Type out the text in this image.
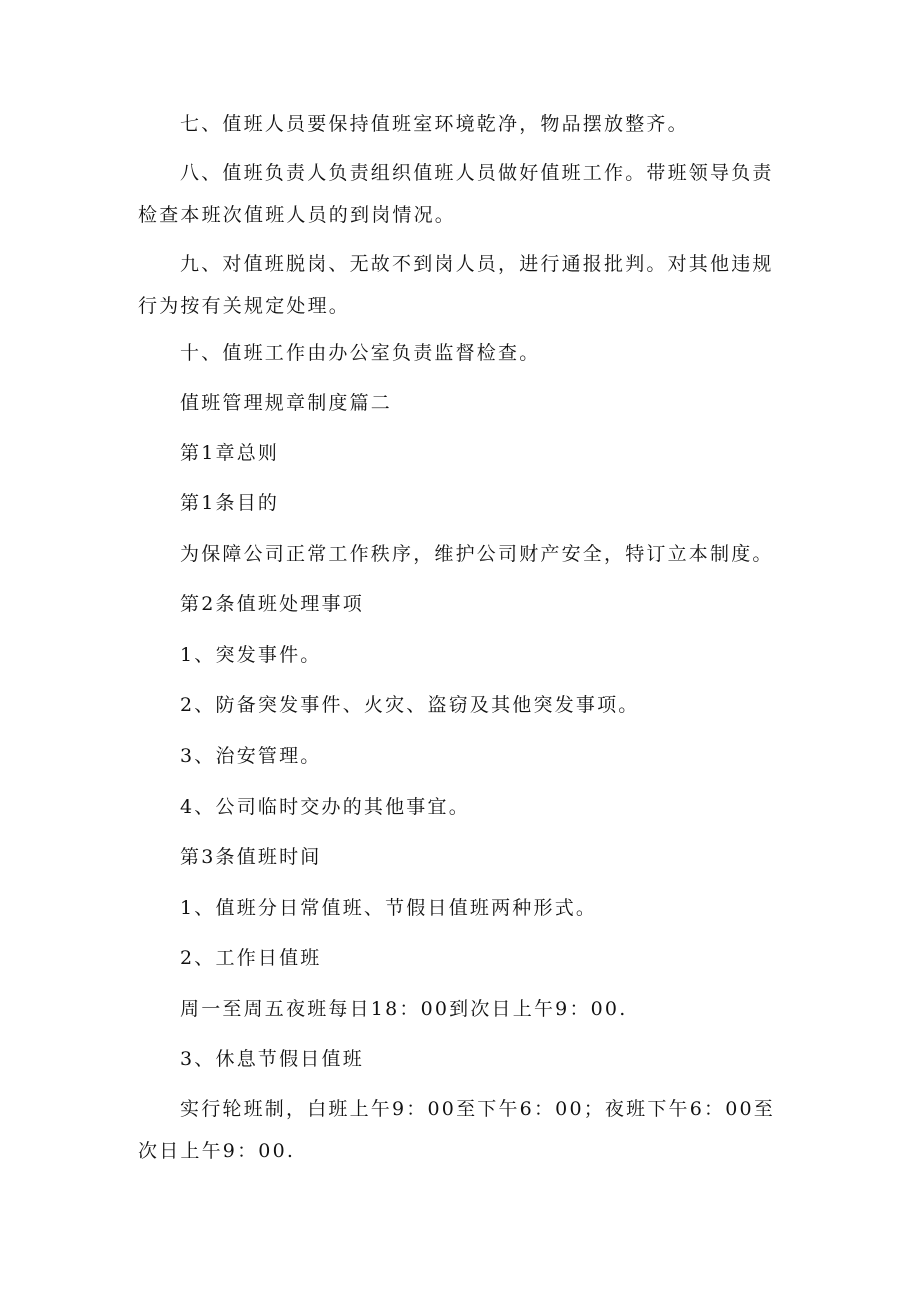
七、值班人员要保持值班室环境乾净，物品摆放整齐。

八、值班负责人负责组织值班人员做好值班工作。带班领导负责检查本班次值班人员的到岗情况。

九、对值班脱岗、无故不到岗人员，进行通报批判。对其他违规行为按有关规定处理。

十、值班工作由办公室负责监督检查。

值班管理规章制度篇二

第1章总则

第1条目的

为保障公司正常工作秩序，维护公司财产安全，特订立本制度。

第2条值班处理事项

1、突发事件。

2、防备突发事件、火灾、盗窃及其他突发事项。

3、治安管理。

4、公司临时交办的其他事宜。

第3条值班时间

1、值班分日常值班、节假日值班两种形式。

2、工作日值班

周一至周五夜班每日18：00到次日上午9：00.

3、休息节假日值班

实行轮班制，白班上午9：00至下午6：00；夜班下午6：00至次日上午9：00.
